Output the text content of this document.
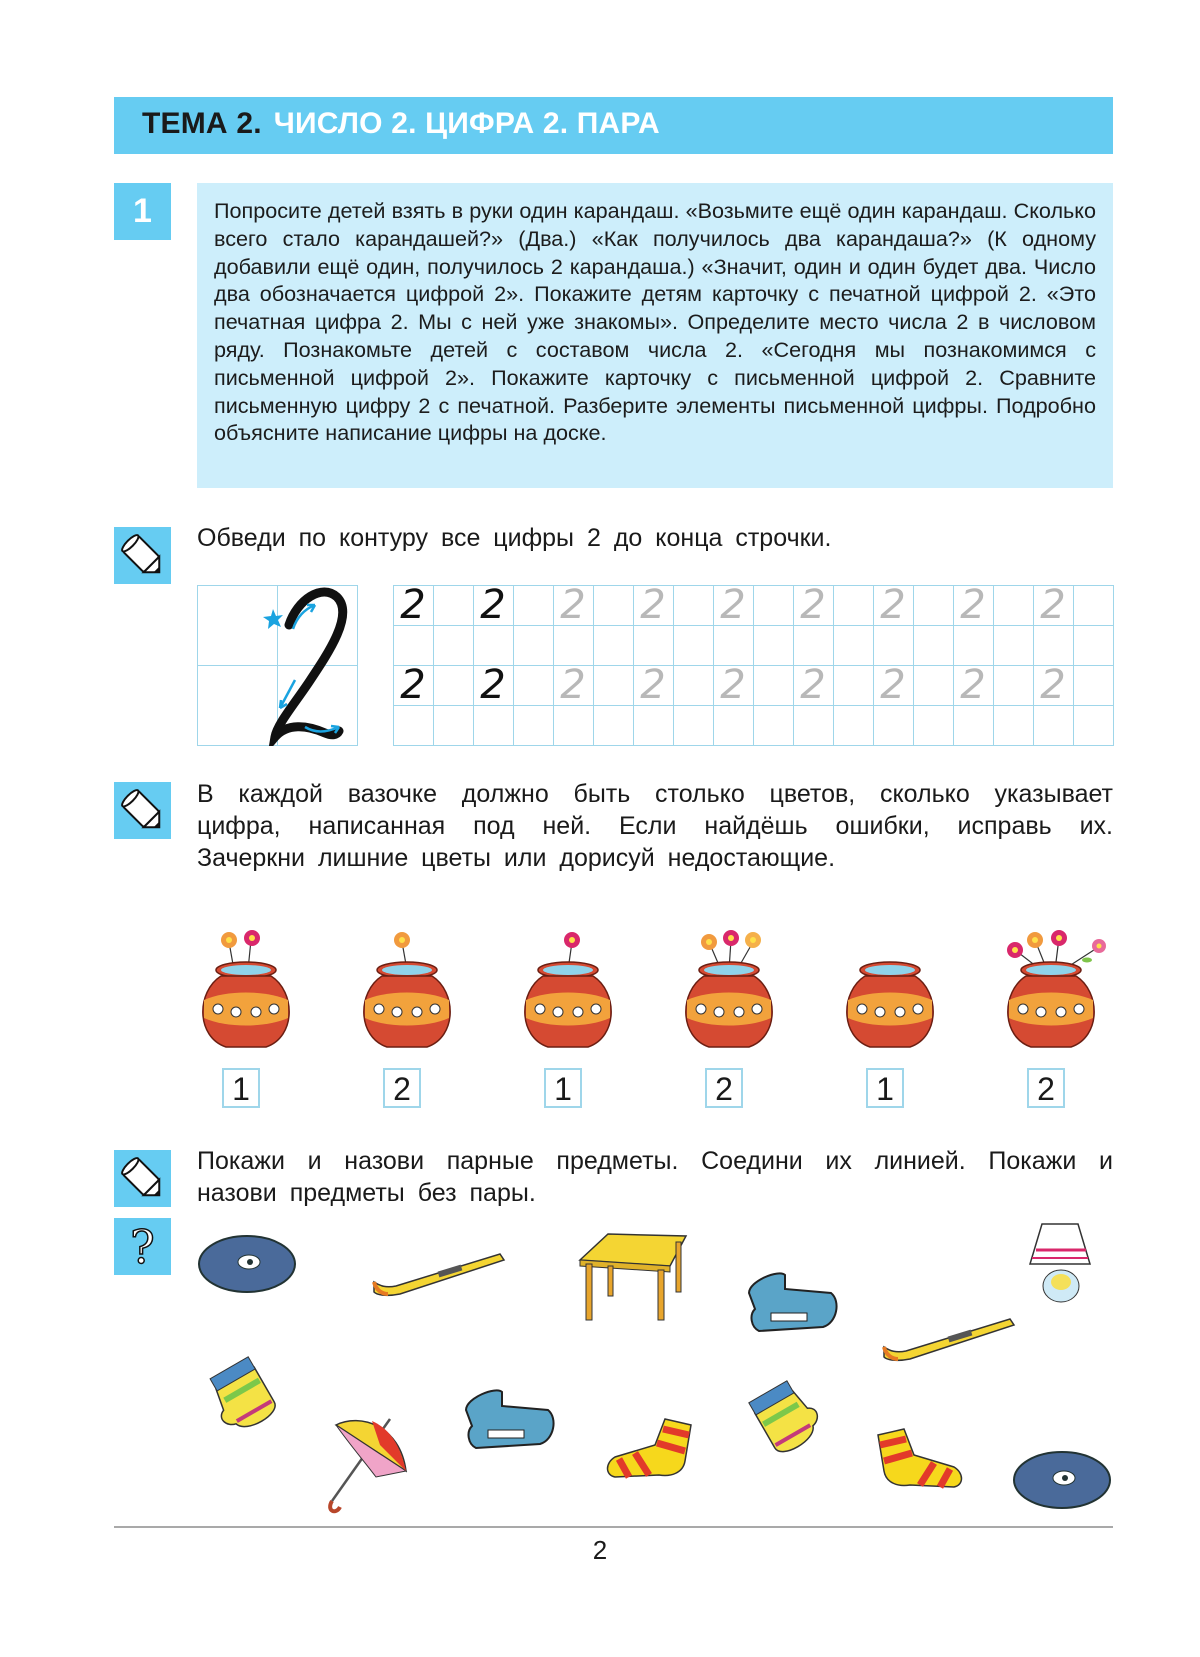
ТЕМА 2. ЧИСЛО 2. ЦИФРА 2. ПАРА
1	Попросите детей взять в руки один карандаш. «Возьмите ещё один карандаш. Сколько всего стало карандашей?» (Два.) «Как получилось два карандаша?» (К одному добавили ещё один, получилось 2 карандаша.) «Значит, один и один будет два. Число два обозначается цифрой 2». Покажите детям карточку с печатной цифрой 2. «Это печатная цифра 2. Мы с ней уже знакомы». Определите место числа 2 в числовом ряду. Познакомьте детей с составом числа 2. «Сегодня мы познакомимся с письменной цифрой 2». Покажите карточку с письменной цифрой 2. Сравните письменную цифру 2 с печатной. Разберите элементы письменной цифры. Подробно объясните написание цифры на доске.

Обведи по контуру все цифры 2 до конца строчки.
2 2 2 2 2 2 2 2 2
2 2 2 2 2 2 2 2 2
В каждой вазочке должно быть столько цветов, сколько указывает цифра, написанная под ней. Если найдёшь ошибки, исправь их. Зачеркни лишние цветы или дорисуй недостающие.
1	2	1	2	1	2
?
Покажи и назови парные предметы. Соедини их линией. Покажи и назови предметы без пары.
2
